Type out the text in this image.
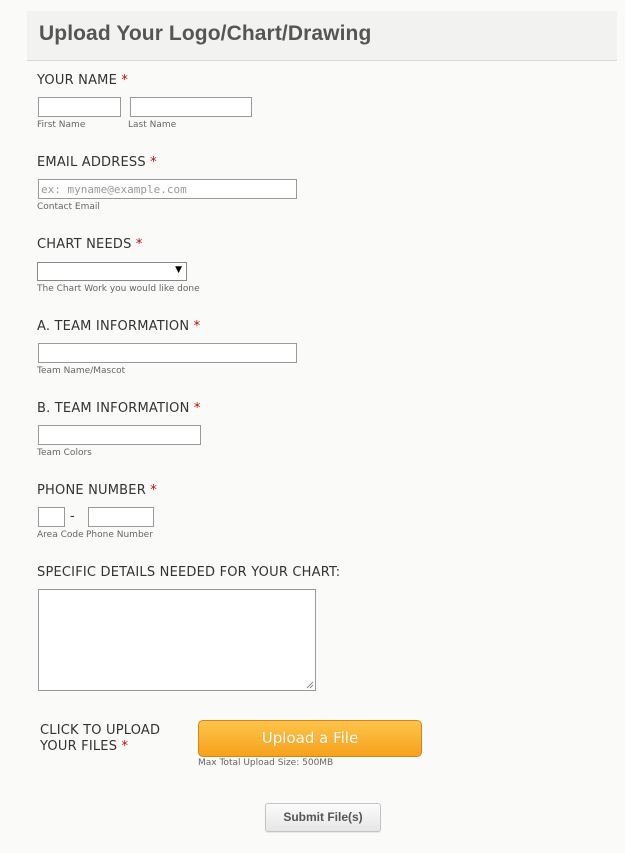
Upload Your Logo/Chart/Drawing
YOUR NAME *
First Name	Last Name
EMAIL ADDRESS *
ex: myname@example.com
Contact Email
CHART NEEDS *
▼
The Chart Work you would like done
A. TEAM INFORMATION *
Team Name/Mascot
B. TEAM INFORMATION *
Team Colors
PHONE NUMBER *
-
Area Code Phone Number
SPECIFIC DETAILS NEEDED FOR YOUR CHART:
CLICK TO UPLOAD
YOUR FILES *	Upload a File
Max Total Upload Size: 500MB
Submit File(s)
